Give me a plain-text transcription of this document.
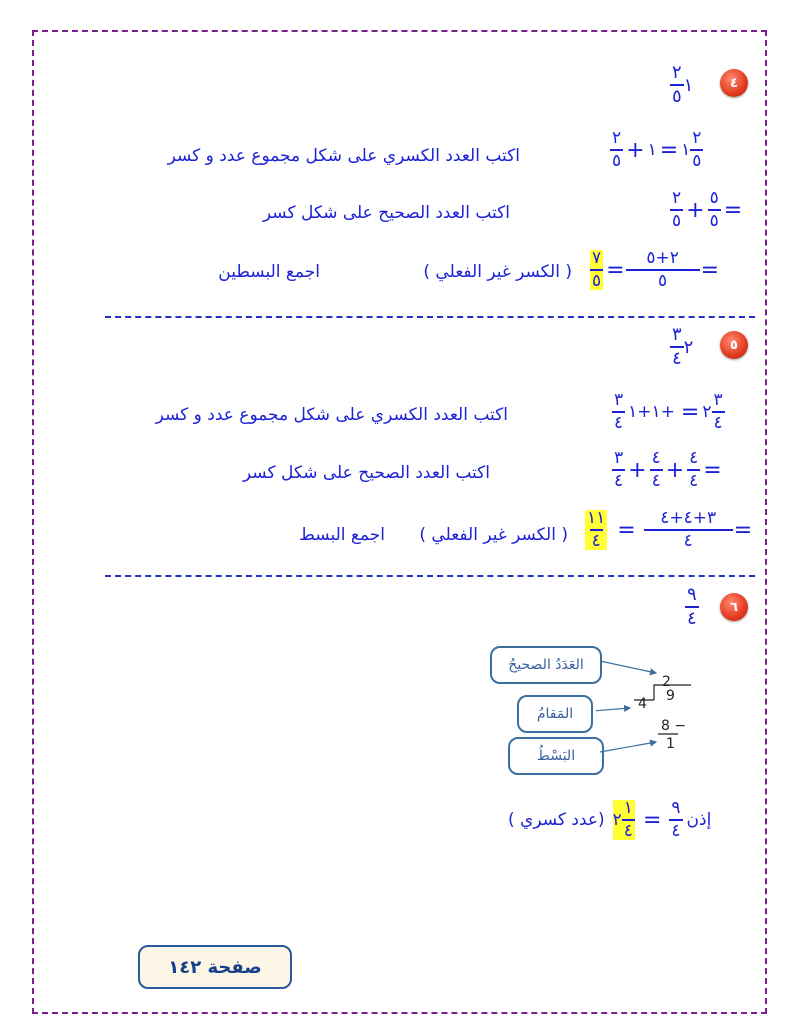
٤
$\frac{٢}{٥}$ ١
$\frac{٢}{٥}$ + ١ = ١ $\frac{٢}{٥}$
اكتب العدد الكسري على شكل مجموع عدد و كسر
$\frac{٢}{٥} + \frac{٥}{٥}$ =
اكتب العدد الصحيح على شكل كسر
$\frac{٧}{٥} = \frac{٢+٥}{٥}$ =
( الكسر غير الفعلي )
اجمع البسطين
٥
$\frac{٣}{٤}$ ٢
$\frac{٣}{٤}$ ١+١+ = ٢ $\frac{٣}{٤}$
اكتب العدد الكسري على شكل مجموع عدد و كسر
$\frac{٣}{٤} + \frac{٤}{٤} + \frac{٤}{٤}$ =
اكتب العدد الصحيح على شكل كسر
$\frac{١١}{٤} = \frac{٣+٤+٤}{٤}$ =
( الكسر غير الفعلي )
اجمع البسط
٦
$\frac{٩}{٤}$
العَدَدُ الصحيحُ
المَقامُ
البَسْطُ
2
4 9
8 −
1
(عدد كسري ) ٢ $\frac{١}{٤} = \frac{٩}{٤}$ إذن
صفحة ١٤٢
